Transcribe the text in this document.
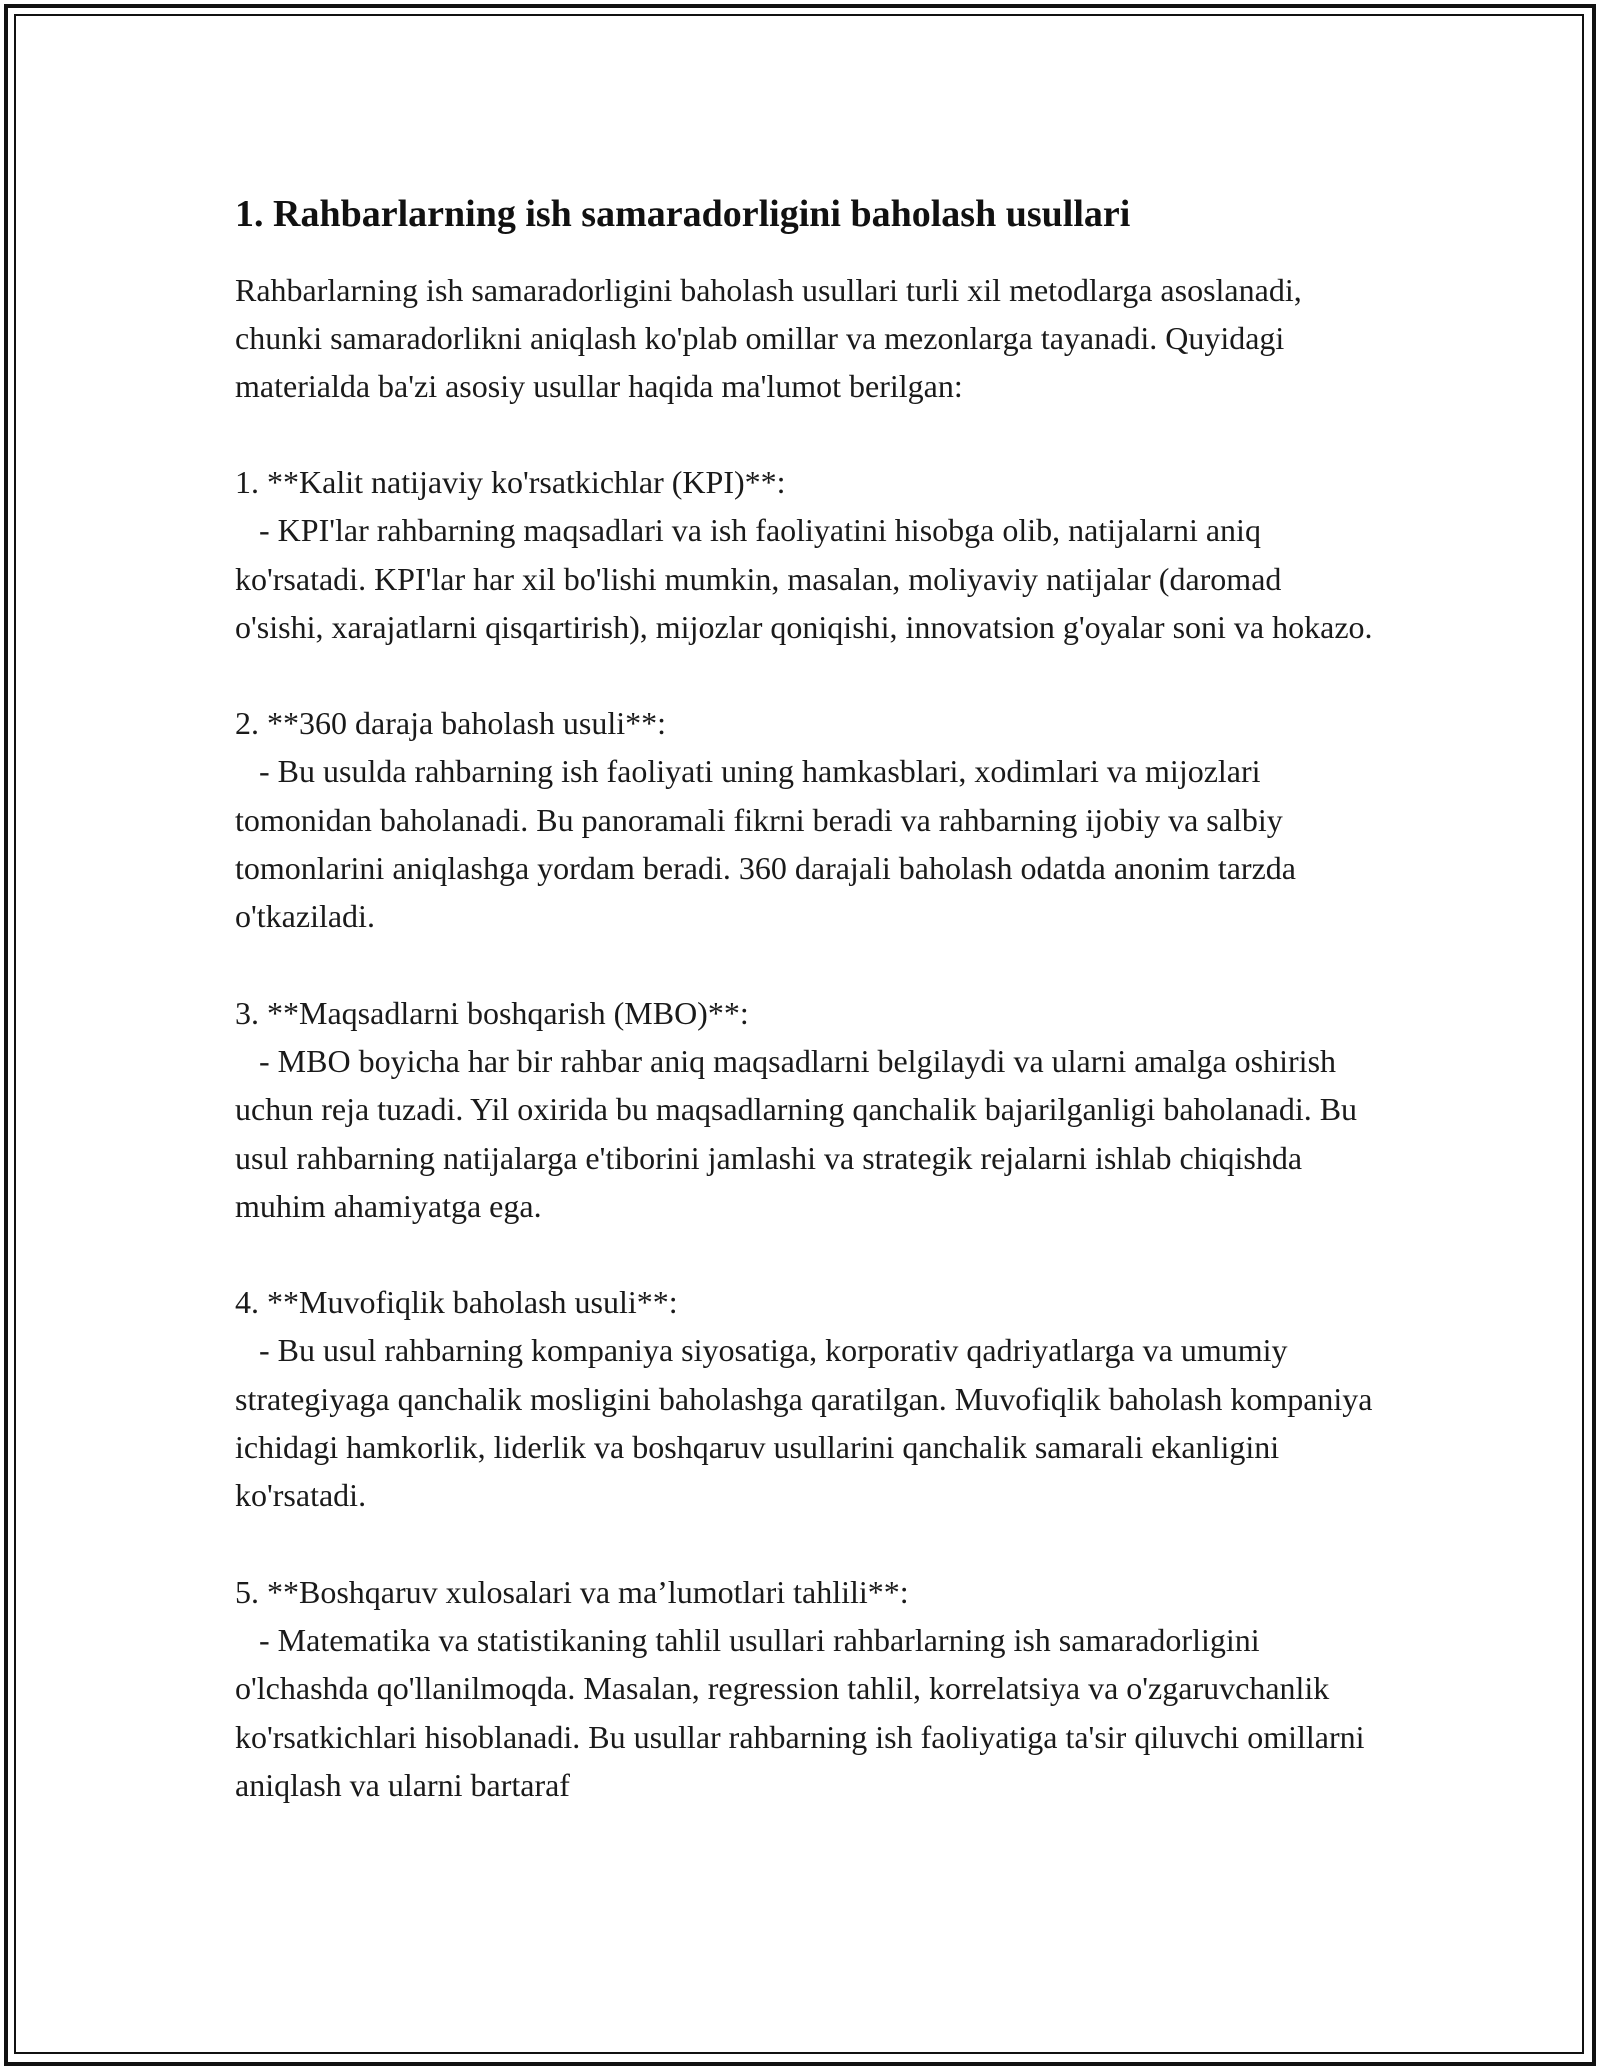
1. Rahbarlarning ish samaradorligini baholash usullari

Rahbarlarning ish samaradorligini baholash usullari turli xil metodlarga asoslanadi, chunki samaradorlikni aniqlash ko'plab omillar va mezonlarga tayanadi. Quyidagi materialda ba'zi asosiy usullar haqida ma'lumot berilgan:

1. **Kalit natijaviy ko'rsatkichlar (KPI)**:
- KPI'lar rahbarning maqsadlari va ish faoliyatini hisobga olib, natijalarni aniq ko'rsatadi. KPI'lar har xil bo'lishi mumkin, masalan, moliyaviy natijalar (daromad o'sishi, xarajatlarni qisqartirish), mijozlar qoniqishi, innovatsion g'oyalar soni va hokazo.
2. **360 daraja baholash usuli**:
- Bu usulda rahbarning ish faoliyati uning hamkasblari, xodimlari va mijozlari tomonidan baholanadi. Bu panoramali fikrni beradi va rahbarning ijobiy va salbiy tomonlarini aniqlashga yordam beradi. 360 darajali baholash odatda anonim tarzda o'tkaziladi.
3. **Maqsadlarni boshqarish (MBO)**:
- MBO boyicha har bir rahbar aniq maqsadlarni belgilaydi va ularni amalga oshirish uchun reja tuzadi. Yil oxirida bu maqsadlarning qanchalik bajarilganligi baholanadi. Bu usul rahbarning natijalarga e'tiborini jamlashi va strategik rejalarni ishlab chiqishda muhim ahamiyatga ega.
4. **Muvofiqlik baholash usuli**:
- Bu usul rahbarning kompaniya siyosatiga, korporativ qadriyatlarga va umumiy strategiyaga qanchalik mosligini baholashga qaratilgan. Muvofiqlik baholash kompaniya ichidagi hamkorlik, liderlik va boshqaruv usullarini qanchalik samarali ekanligini ko'rsatadi.
5. **Boshqaruv xulosalari va ma’lumotlari tahlili**:
- Matematika va statistikaning tahlil usullari rahbarlarning ish samaradorligini o'lchashda qo'llanilmoqda. Masalan, regression tahlil, korrelatsiya va o'zgaruvchanlik ko'rsatkichlari hisoblanadi. Bu usullar rahbarning ish faoliyatiga ta'sir qiluvchi omillarni aniqlash va ularni bartaraf
